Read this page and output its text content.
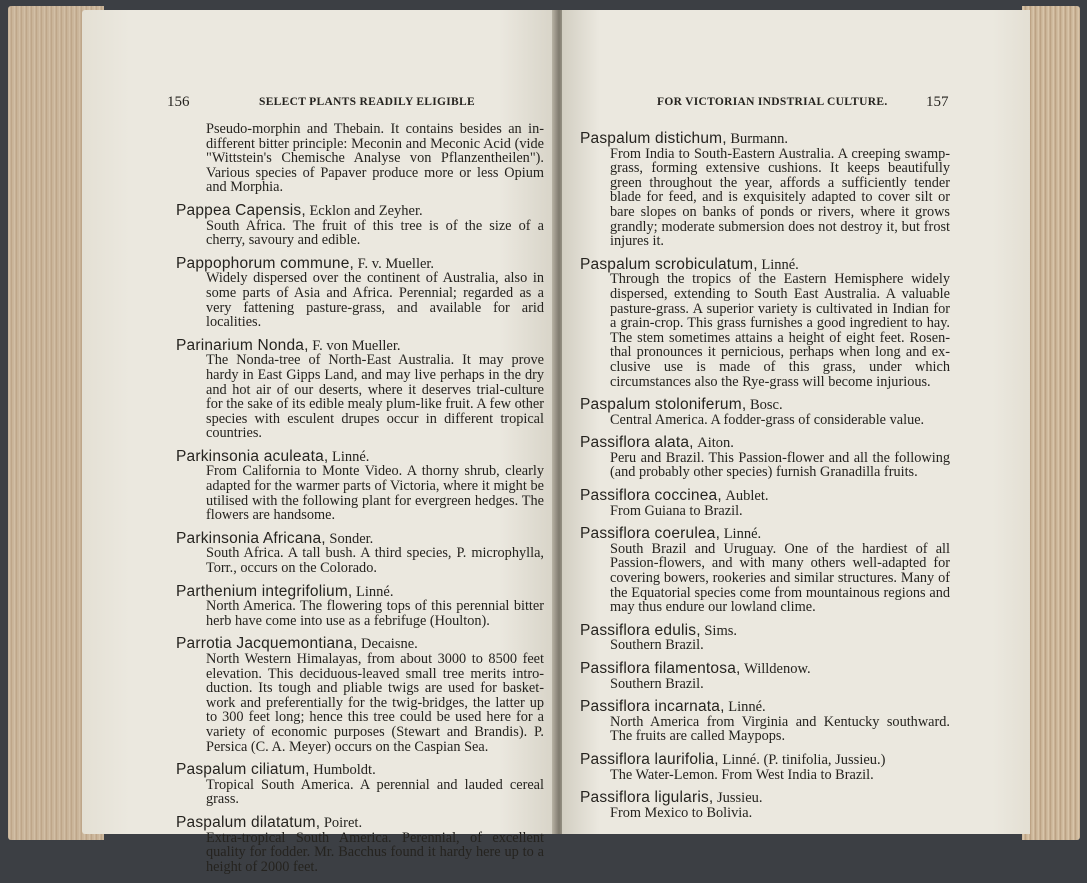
156	SELECT PLANTS READILY ELIGIBLE
Pseudo-morphin and Thebain. It contains besides an in-different bitter principle: Meconin and Meconic Acid (vide "Wittstein's Chemische Analyse von Pflanzentheilen"). Various species of Papaver produce more or less Opium and Morphia.
Pappea Capensis, Ecklon and Zeyher.
South Africa. The fruit of this tree is of the size of a cherry, savoury and edible.
Pappophorum commune, F. v. Mueller.
Widely dispersed over the continent of Australia, also in some parts of Asia and Africa. Perennial; regarded as a very fattening pasture-grass, and available for arid localities.
Parinarium Nonda, F. von Mueller.
The Nonda-tree of North-East Australia. It may prove hardy in East Gipps Land, and may live perhaps in the dry and hot air of our deserts, where it deserves trial-culture for the sake of its edible mealy plum-like fruit. A few other species with esculent drupes occur in different tropical countries.
Parkinsonia aculeata, Linné.
From California to Monte Video. A thorny shrub, clearly adapted for the warmer parts of Victoria, where it might be utilised with the following plant for evergreen hedges. The flowers are handsome.
Parkinsonia Africana, Sonder.
South Africa. A tall bush. A third species, P. microphylla, Torr., occurs on the Colorado.
Parthenium integrifolium, Linné.
North America. The flowering tops of this perennial bitter herb have come into use as a febrifuge (Houlton).
Parrotia Jacquemontiana, Decaisne.
North Western Himalayas, from about 3000 to 8500 feet elevation. This deciduous-leaved small tree merits intro-duction. Its tough and pliable twigs are used for basket-work and preferentially for the twig-bridges, the latter up to 300 feet long; hence this tree could be used here for a variety of economic purposes (Stewart and Brandis). P. Persica (C. A. Meyer) occurs on the Caspian Sea.
Paspalum ciliatum, Humboldt.
Tropical South America. A perennial and lauded cereal grass.
Paspalum dilatatum, Poiret.
Extra-tropical South America. Perennial, of excellent quality for fodder. Mr. Bacchus found it hardy here up to a height of 2000 feet.
FOR VICTORIAN INDSTRIAL CULTURE.	157
Paspalum distichum, Burmann.
From India to South-Eastern Australia. A creeping swamp-grass, forming extensive cushions. It keeps beautifully green throughout the year, affords a sufficiently tender blade for feed, and is exquisitely adapted to cover silt or bare slopes on banks of ponds or rivers, where it grows grandly; moderate submersion does not destroy it, but frost injures it.
Paspalum scrobiculatum, Linné.
Through the tropics of the Eastern Hemisphere widely dispersed, extending to South East Australia. A valuable pasture-grass. A superior variety is cultivated in Indian for a grain-crop. This grass furnishes a good ingredient to hay. The stem sometimes attains a height of eight feet. Rosen-thal pronounces it pernicious, perhaps when long and ex-clusive use is made of this grass, under which circumstances also the Rye-grass will become injurious.
Paspalum stoloniferum, Bosc.
Central America. A fodder-grass of considerable value.
Passiflora alata, Aiton.
Peru and Brazil. This Passion-flower and all the following (and probably other species) furnish Granadilla fruits.
Passiflora coccinea, Aublet.
From Guiana to Brazil.
Passiflora coerulea, Linné.
South Brazil and Uruguay. One of the hardiest of all Passion-flowers, and with many others well-adapted for covering bowers, rookeries and similar structures. Many of the Equatorial species come from mountainous regions and may thus endure our lowland clime.
Passiflora edulis, Sims.
Southern Brazil.
Passiflora filamentosa, Willdenow.
Southern Brazil.
Passiflora incarnata, Linné.
North America from Virginia and Kentucky southward. The fruits are called Maypops.
Passiflora laurifolia, Linné. (P. tinifolia, Jussieu.)
The Water-Lemon. From West India to Brazil.
Passiflora ligularis, Jussieu.
From Mexico to Bolivia.
